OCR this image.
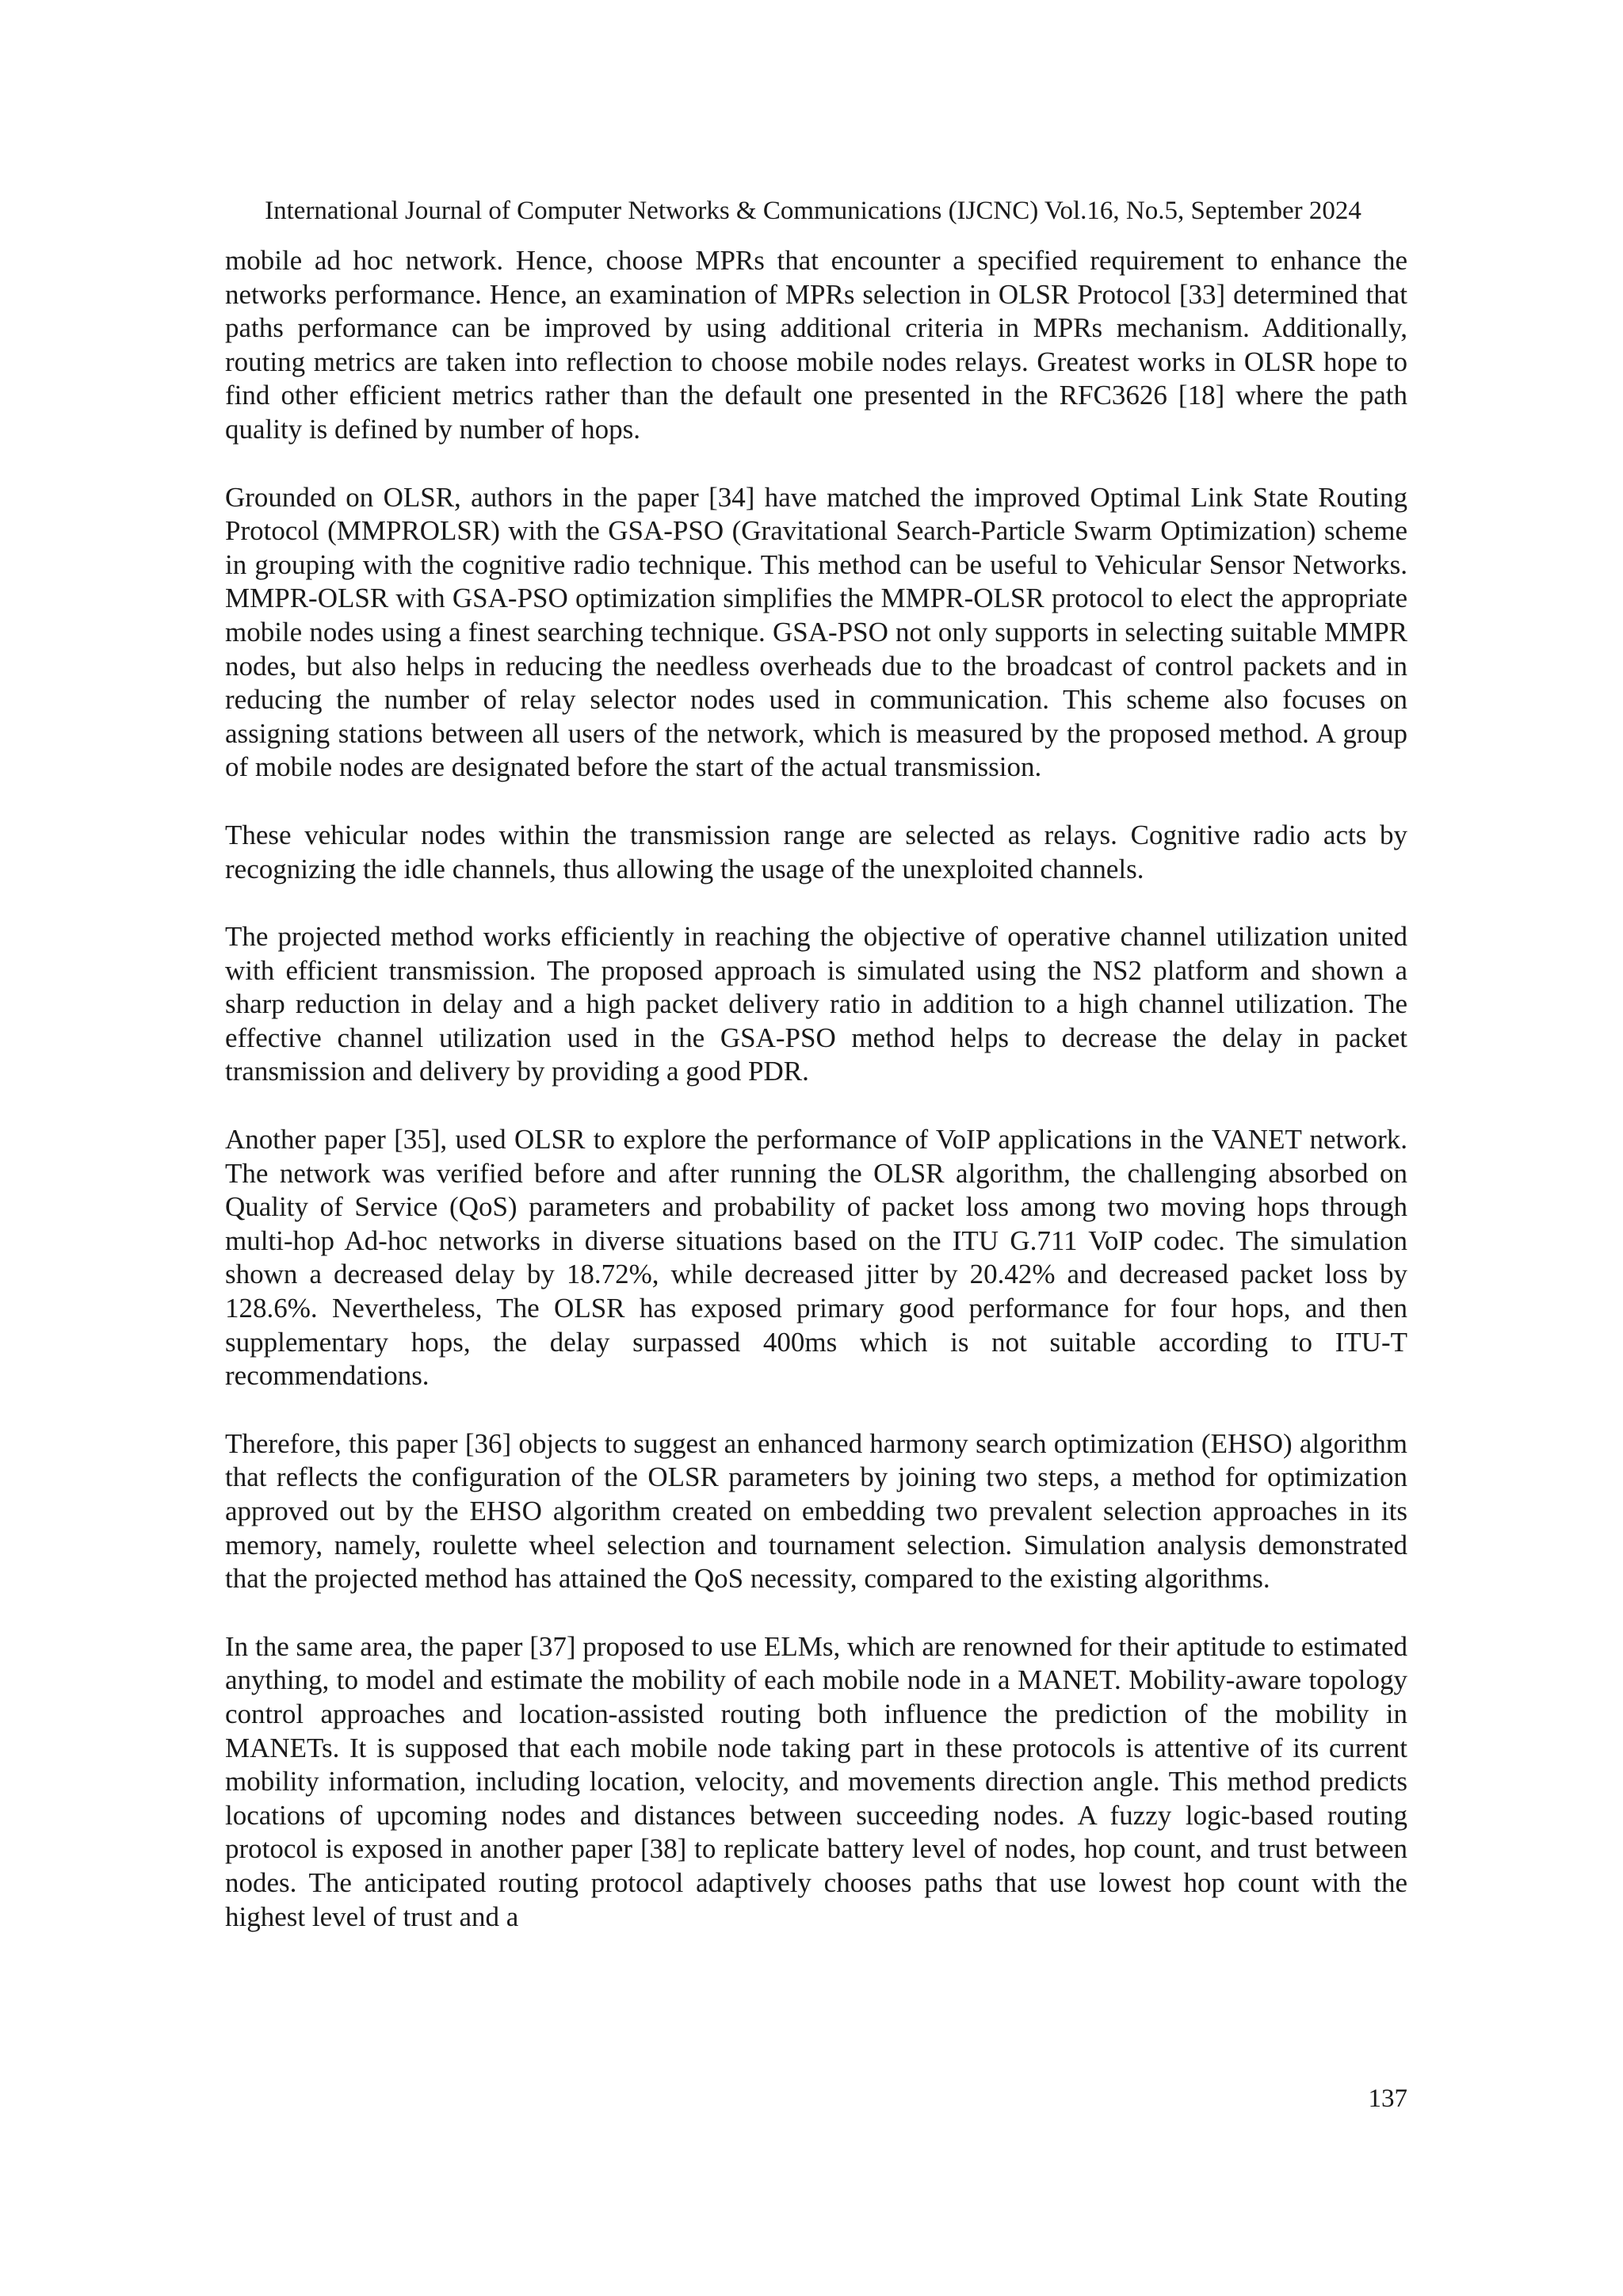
International Journal of Computer Networks & Communications (IJCNC) Vol.16, No.5, September 2024

mobile ad hoc network. Hence, choose MPRs that encounter a specified requirement to enhance the networks performance. Hence, an examination of MPRs selection in OLSR Protocol [33] determined that paths performance can be improved by using additional criteria in MPRs mechanism. Additionally, routing metrics are taken into reflection to choose mobile nodes relays. Greatest works in OLSR hope to find other efficient metrics rather than the default one presented in the RFC3626 [18] where the path quality is defined by number of hops.

Grounded on OLSR, authors in the paper [34] have matched the improved Optimal Link State Routing Protocol (MMPROLSR) with the GSA-PSO (Gravitational Search-Particle Swarm Optimization) scheme in grouping with the cognitive radio technique. This method can be useful to Vehicular Sensor Networks. MMPR-OLSR with GSA-PSO optimization simplifies the MMPR-OLSR protocol to elect the appropriate mobile nodes using a finest searching technique. GSA-PSO not only supports in selecting suitable MMPR nodes, but also helps in reducing the needless overheads due to the broadcast of control packets and in reducing the number of relay selector nodes used in communication. This scheme also focuses on assigning stations between all users of the network, which is measured by the proposed method. A group of mobile nodes are designated before the start of the actual transmission.

These vehicular nodes within the transmission range are selected as relays. Cognitive radio acts by recognizing the idle channels, thus allowing the usage of the unexploited channels.

The projected method works efficiently in reaching the objective of operative channel utilization united with efficient transmission. The proposed approach is simulated using the NS2 platform and shown a sharp reduction in delay and a high packet delivery ratio in addition to a high channel utilization. The effective channel utilization used in the GSA-PSO method helps to decrease the delay in packet transmission and delivery by providing a good PDR.

Another paper [35], used OLSR to explore the performance of VoIP applications in the VANET network. The network was verified before and after running the OLSR algorithm, the challenging absorbed on Quality of Service (QoS) parameters and probability of packet loss among two moving hops through multi-hop Ad-hoc networks in diverse situations based on the ITU G.711 VoIP codec. The simulation shown a decreased delay by 18.72%, while decreased jitter by 20.42% and decreased packet loss by 128.6%. Nevertheless, The OLSR has exposed primary good performance for four hops, and then supplementary hops, the delay surpassed 400ms which is not suitable according to ITU-T recommendations.

Therefore, this paper [36] objects to suggest an enhanced harmony search optimization (EHSO) algorithm that reflects the configuration of the OLSR parameters by joining two steps, a method for optimization approved out by the EHSO algorithm created on embedding two prevalent selection approaches in its memory, namely, roulette wheel selection and tournament selection. Simulation analysis demonstrated that the projected method has attained the QoS necessity, compared to the existing algorithms.

In the same area, the paper [37] proposed to use ELMs, which are renowned for their aptitude to estimated anything, to model and estimate the mobility of each mobile node in a MANET. Mobility-aware topology control approaches and location-assisted routing both influence the prediction of the mobility in MANETs. It is supposed that each mobile node taking part in these protocols is attentive of its current mobility information, including location, velocity, and movements direction angle. This method predicts locations of upcoming nodes and distances between succeeding nodes. A fuzzy logic-based routing protocol is exposed in another paper [38] to replicate battery level of nodes, hop count, and trust between nodes. The anticipated routing protocol adaptively chooses paths that use lowest hop count with the highest level of trust and a

137
